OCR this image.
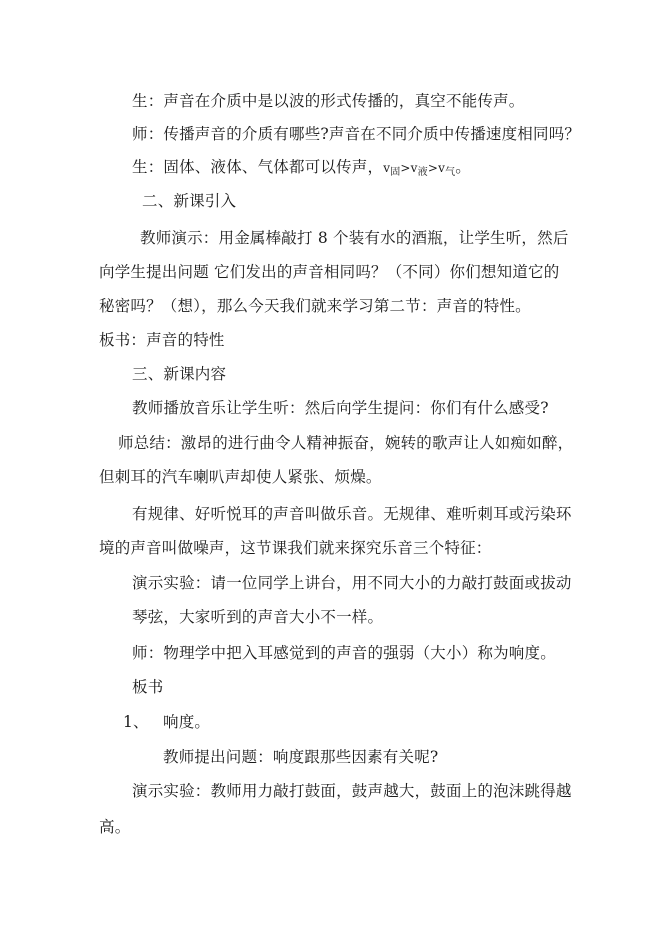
生：声音在介质中是以波的形式传播的，真空不能传声。
师：传播声音的介质有哪些?声音在不同介质中传播速度相同吗？
生：固体、液体、气体都可以传声，v固>v液>v气。
二、新课引入
教师演示：用金属棒敲打 8 个装有水的酒瓶，让学生听，然后
向学生提出问题 它们发出的声音相同吗？（不同）你们想知道它的
秘密吗？（想），那么今天我们就来学习第二节：声音的特性。
板书：声音的特性
三、新课内容
教师播放音乐让学生听：然后向学生提问：你们有什么感受?
师总结：激昂的进行曲令人精神振奋，婉转的歌声让人如痴如醉，
但刺耳的汽车喇叭声却使人紧张、烦燥。
有规律、好听悦耳的声音叫做乐音。无规律、难听刺耳或污染环
境的声音叫做噪声，这节课我们就来探究乐音三个特征：
演示实验：请一位同学上讲台，用不同大小的力敲打鼓面或拔动
琴弦，大家听到的声音大小不一样。
师：物理学中把入耳感觉到的声音的强弱（大小）称为响度。
板书
1、 响度。
教师提出问题：响度跟那些因素有关呢?
演示实验：教师用力敲打鼓面，鼓声越大，鼓面上的泡沫跳得越
高。
